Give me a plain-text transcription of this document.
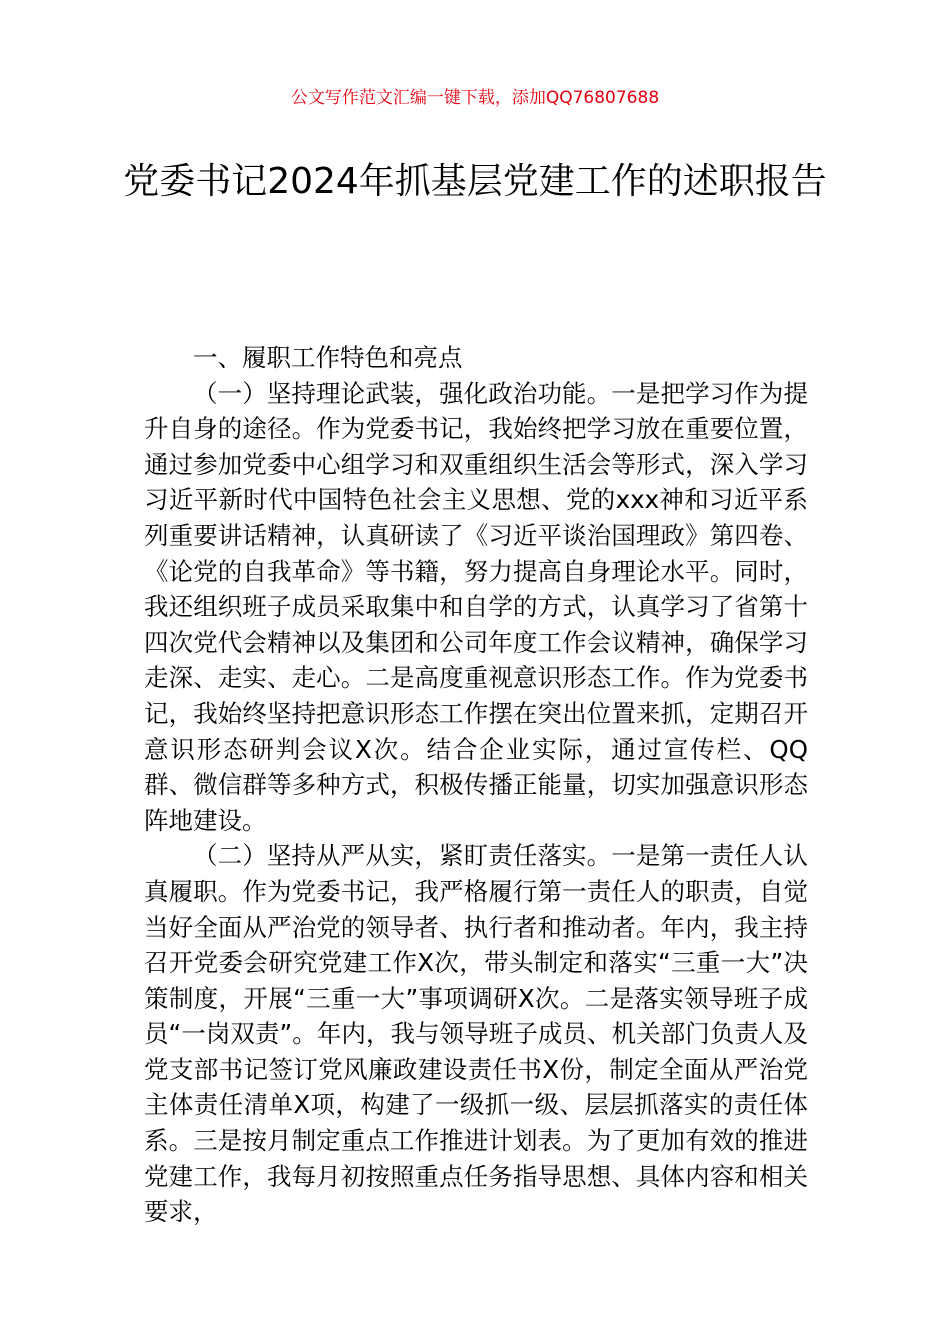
公文写作范文汇编一键下载，添加QQ76807688
党委书记2024年抓基层党建工作的述职报告

一、履职工作特色和亮点

（一）坚持理论武装，强化政治功能。一是把学习作为提升自身的途径。作为党委书记，我始终把学习放在重要位置，通过参加党委中心组学习和双重组织生活会等形式，深入学习习近平新时代中国特色社会主义思想、党的xxx神和习近平系列重要讲话精神，认真研读了《习近平谈治国理政》第四卷、《论党的自我革命》等书籍，努力提高自身理论水平。同时，我还组织班子成员采取集中和自学的方式，认真学习了省第十四次党代会精神以及集团和公司年度工作会议精神，确保学习走深、走实、走心。二是高度重视意识形态工作。作为党委书记，我始终坚持把意识形态工作摆在突出位置来抓，定期召开意识形态研判会议X次。结合企业实际，通过宣传栏、QQ群、微信群等多种方式，积极传播正能量，切实加强意识形态阵地建设。

（二）坚持从严从实，紧盯责任落实。一是第一责任人认真履职。作为党委书记，我严格履行第一责任人的职责，自觉当好全面从严治党的领导者、执行者和推动者。年内，我主持召开党委会研究党建工作X次，带头制定和落实“三重一大”决策制度，开展“三重一大”事项调研X次。二是落实领导班子成员“一岗双责”。年内，我与领导班子成员、机关部门负责人及党支部书记签订党风廉政建设责任书X份，制定全面从严治党主体责任清单X项，构建了一级抓一级、层层抓落实的责任体系。三是按月制定重点工作推进计划表。为了更加有效的推进党建工作，我每月初按照重点任务指导思想、具体内容和相关要求，
